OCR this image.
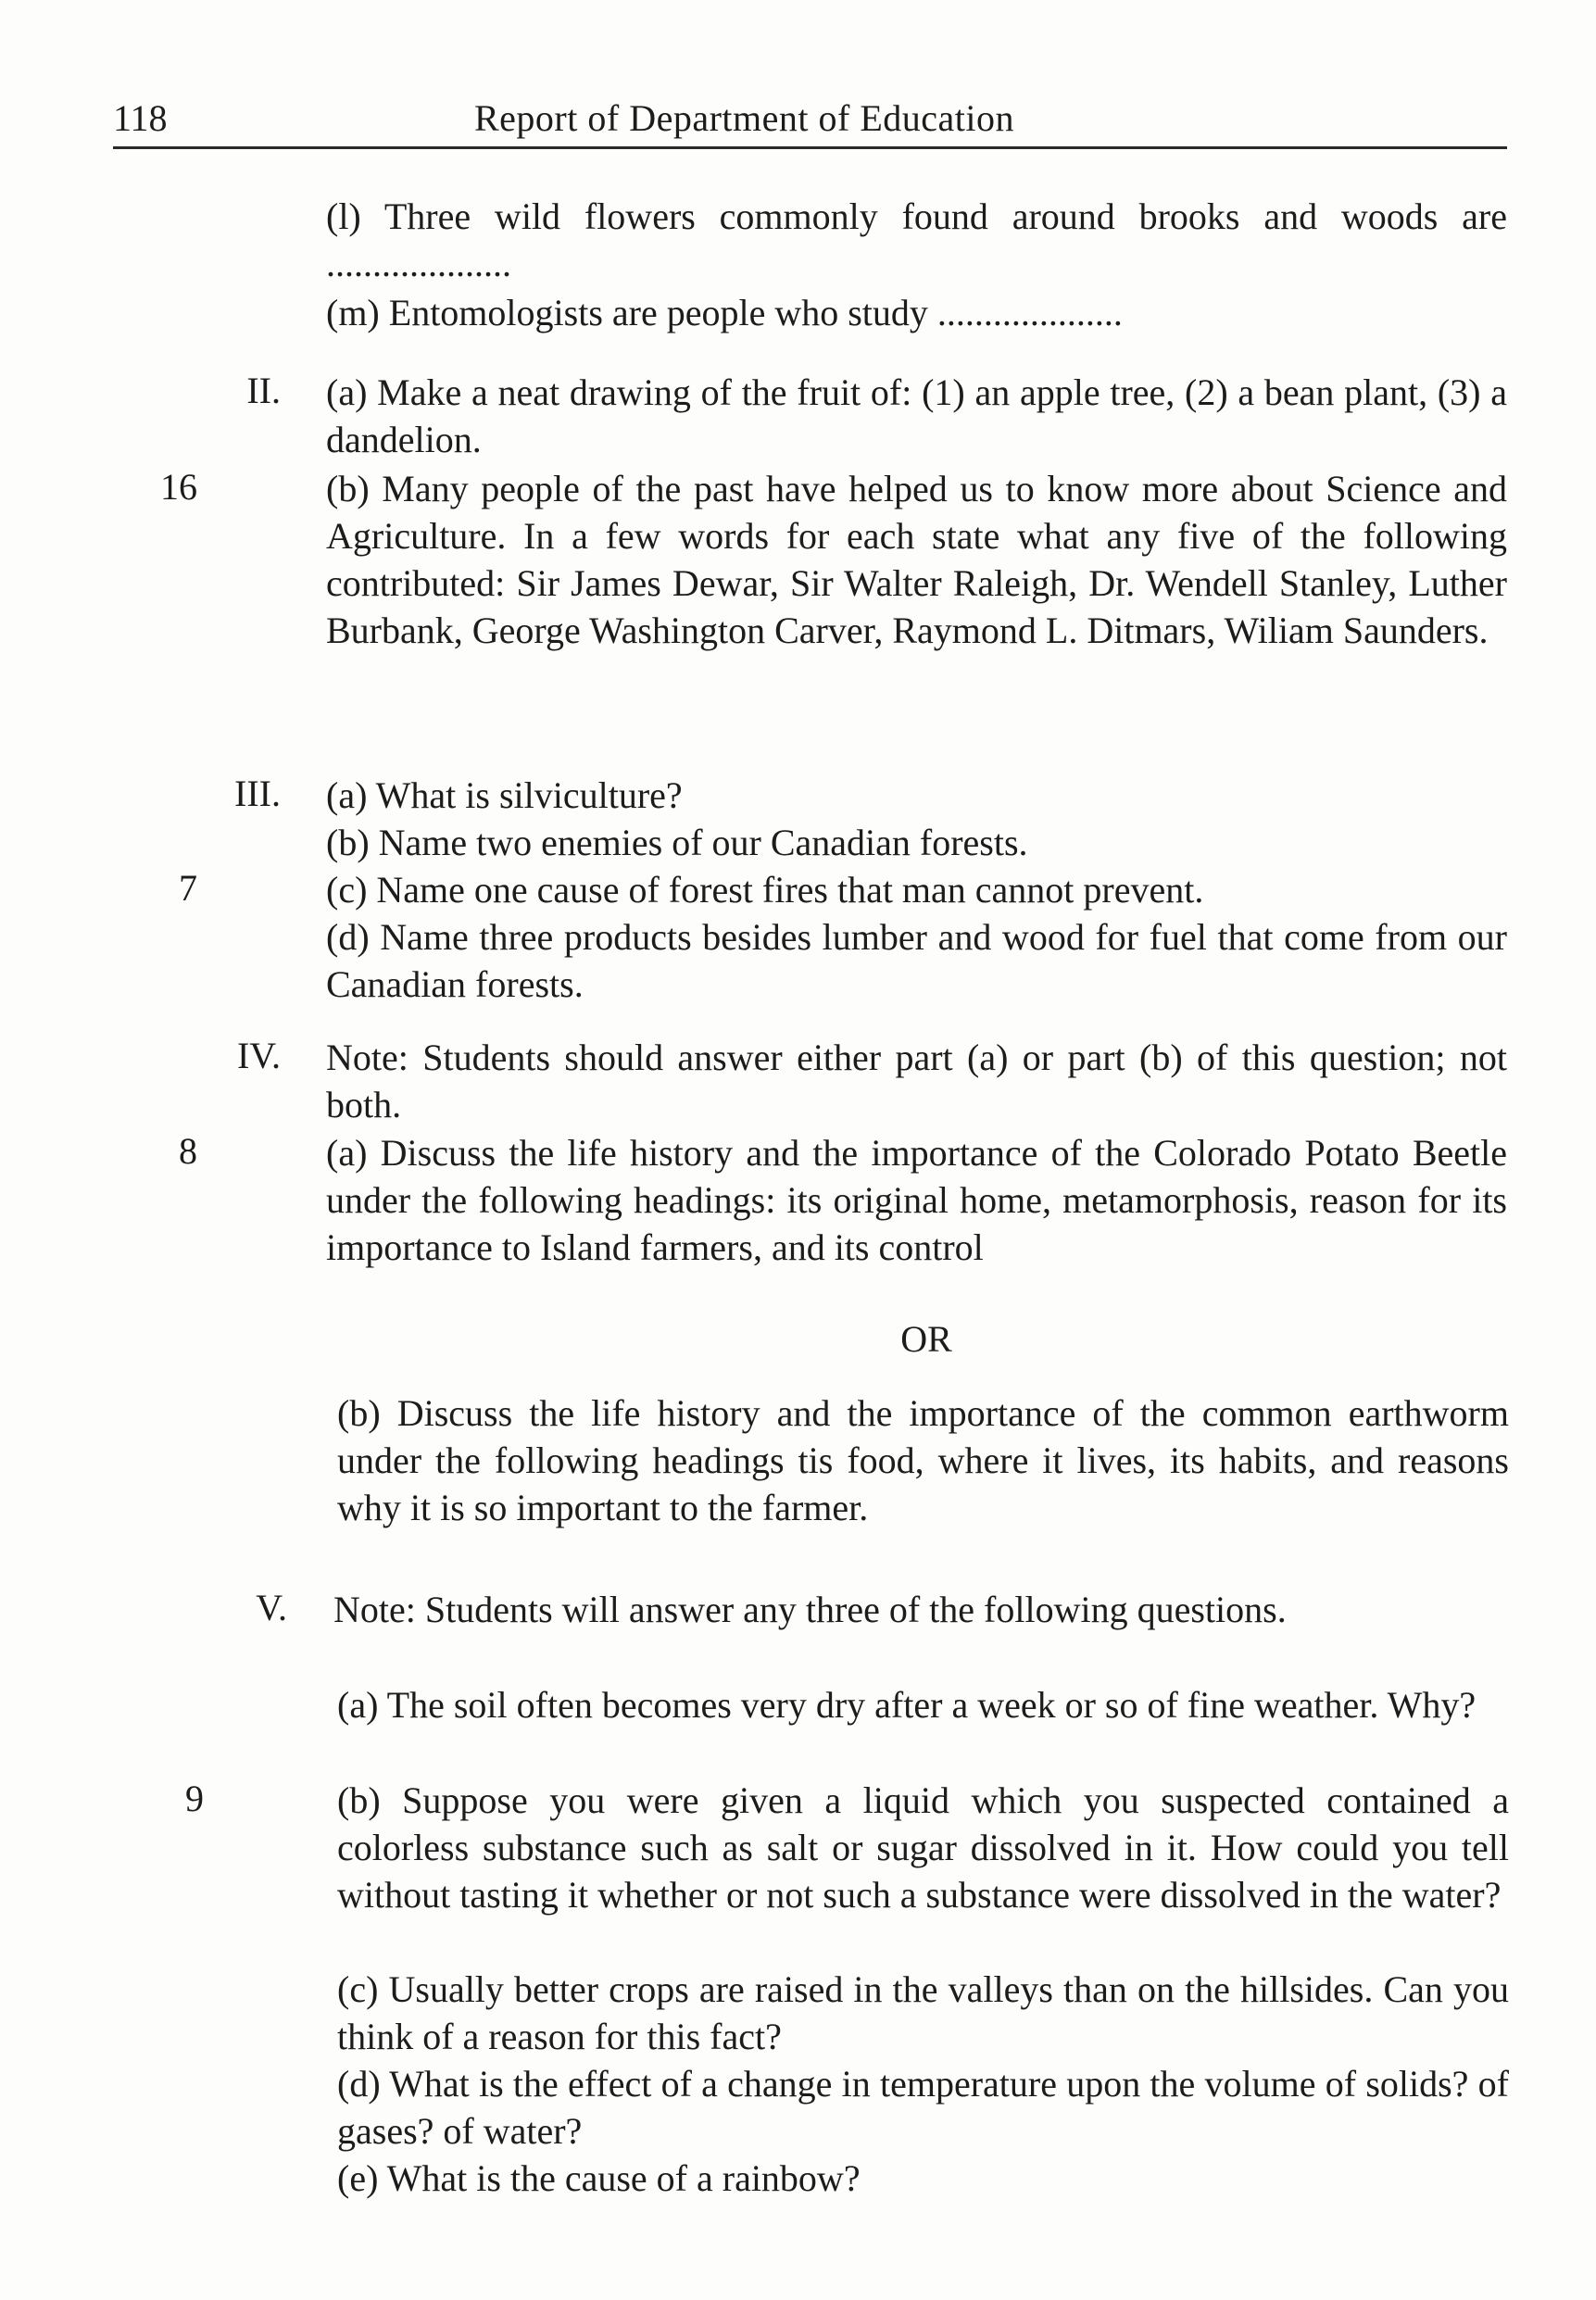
118	Report of Department of Education
(l) Three wild flowers commonly found around brooks and woods are ....................
(m) Entomologists are people who study ....................
II. (a) Make a neat drawing of the fruit of: (1) an apple tree, (2) a bean plant, (3) a dandelion.
16	(b) Many people of the past have helped us to know more about Science and Agriculture. In a few words for each state what any five of the following contributed: Sir James Dewar, Sir Walter Raleigh, Dr. Wendell Stanley, Luther Burbank, George Washington Carver, Raymond L. Ditmars, Wiliam Saunders.
III. (a) What is silviculture?
(b) Name two enemies of our Canadian forests.
7	(c) Name one cause of forest fires that man cannot prevent.
(d) Name three products besides lumber and wood for fuel that come from our Canadian forests.
IV. Note: Students should answer either part (a) or part (b) of this question; not both.
8	(a) Discuss the life history and the importance of the Colorado Potato Beetle under the following headings: its original home, metamorphosis, reason for its importance to Island farmers, and its control
OR
(b) Discuss the life history and the importance of the common earthworm under the following headings tis food, where it lives, its habits, and reasons why it is so important to the farmer.
V. Note: Students will answer any three of the following questions.
(a) The soil often becomes very dry after a week or so of fine weather. Why?
9	(b) Suppose you were given a liquid which you suspected contained a colorless substance such as salt or sugar dissolved in it. How could you tell without tasting it whether or not such a substance were dissolved in the water?
(c) Usually better crops are raised in the valleys than on the hillsides. Can you think of a reason for this fact?
(d) What is the effect of a change in temperature upon the volume of solids? of gases? of water?
(e) What is the cause of a rainbow?
